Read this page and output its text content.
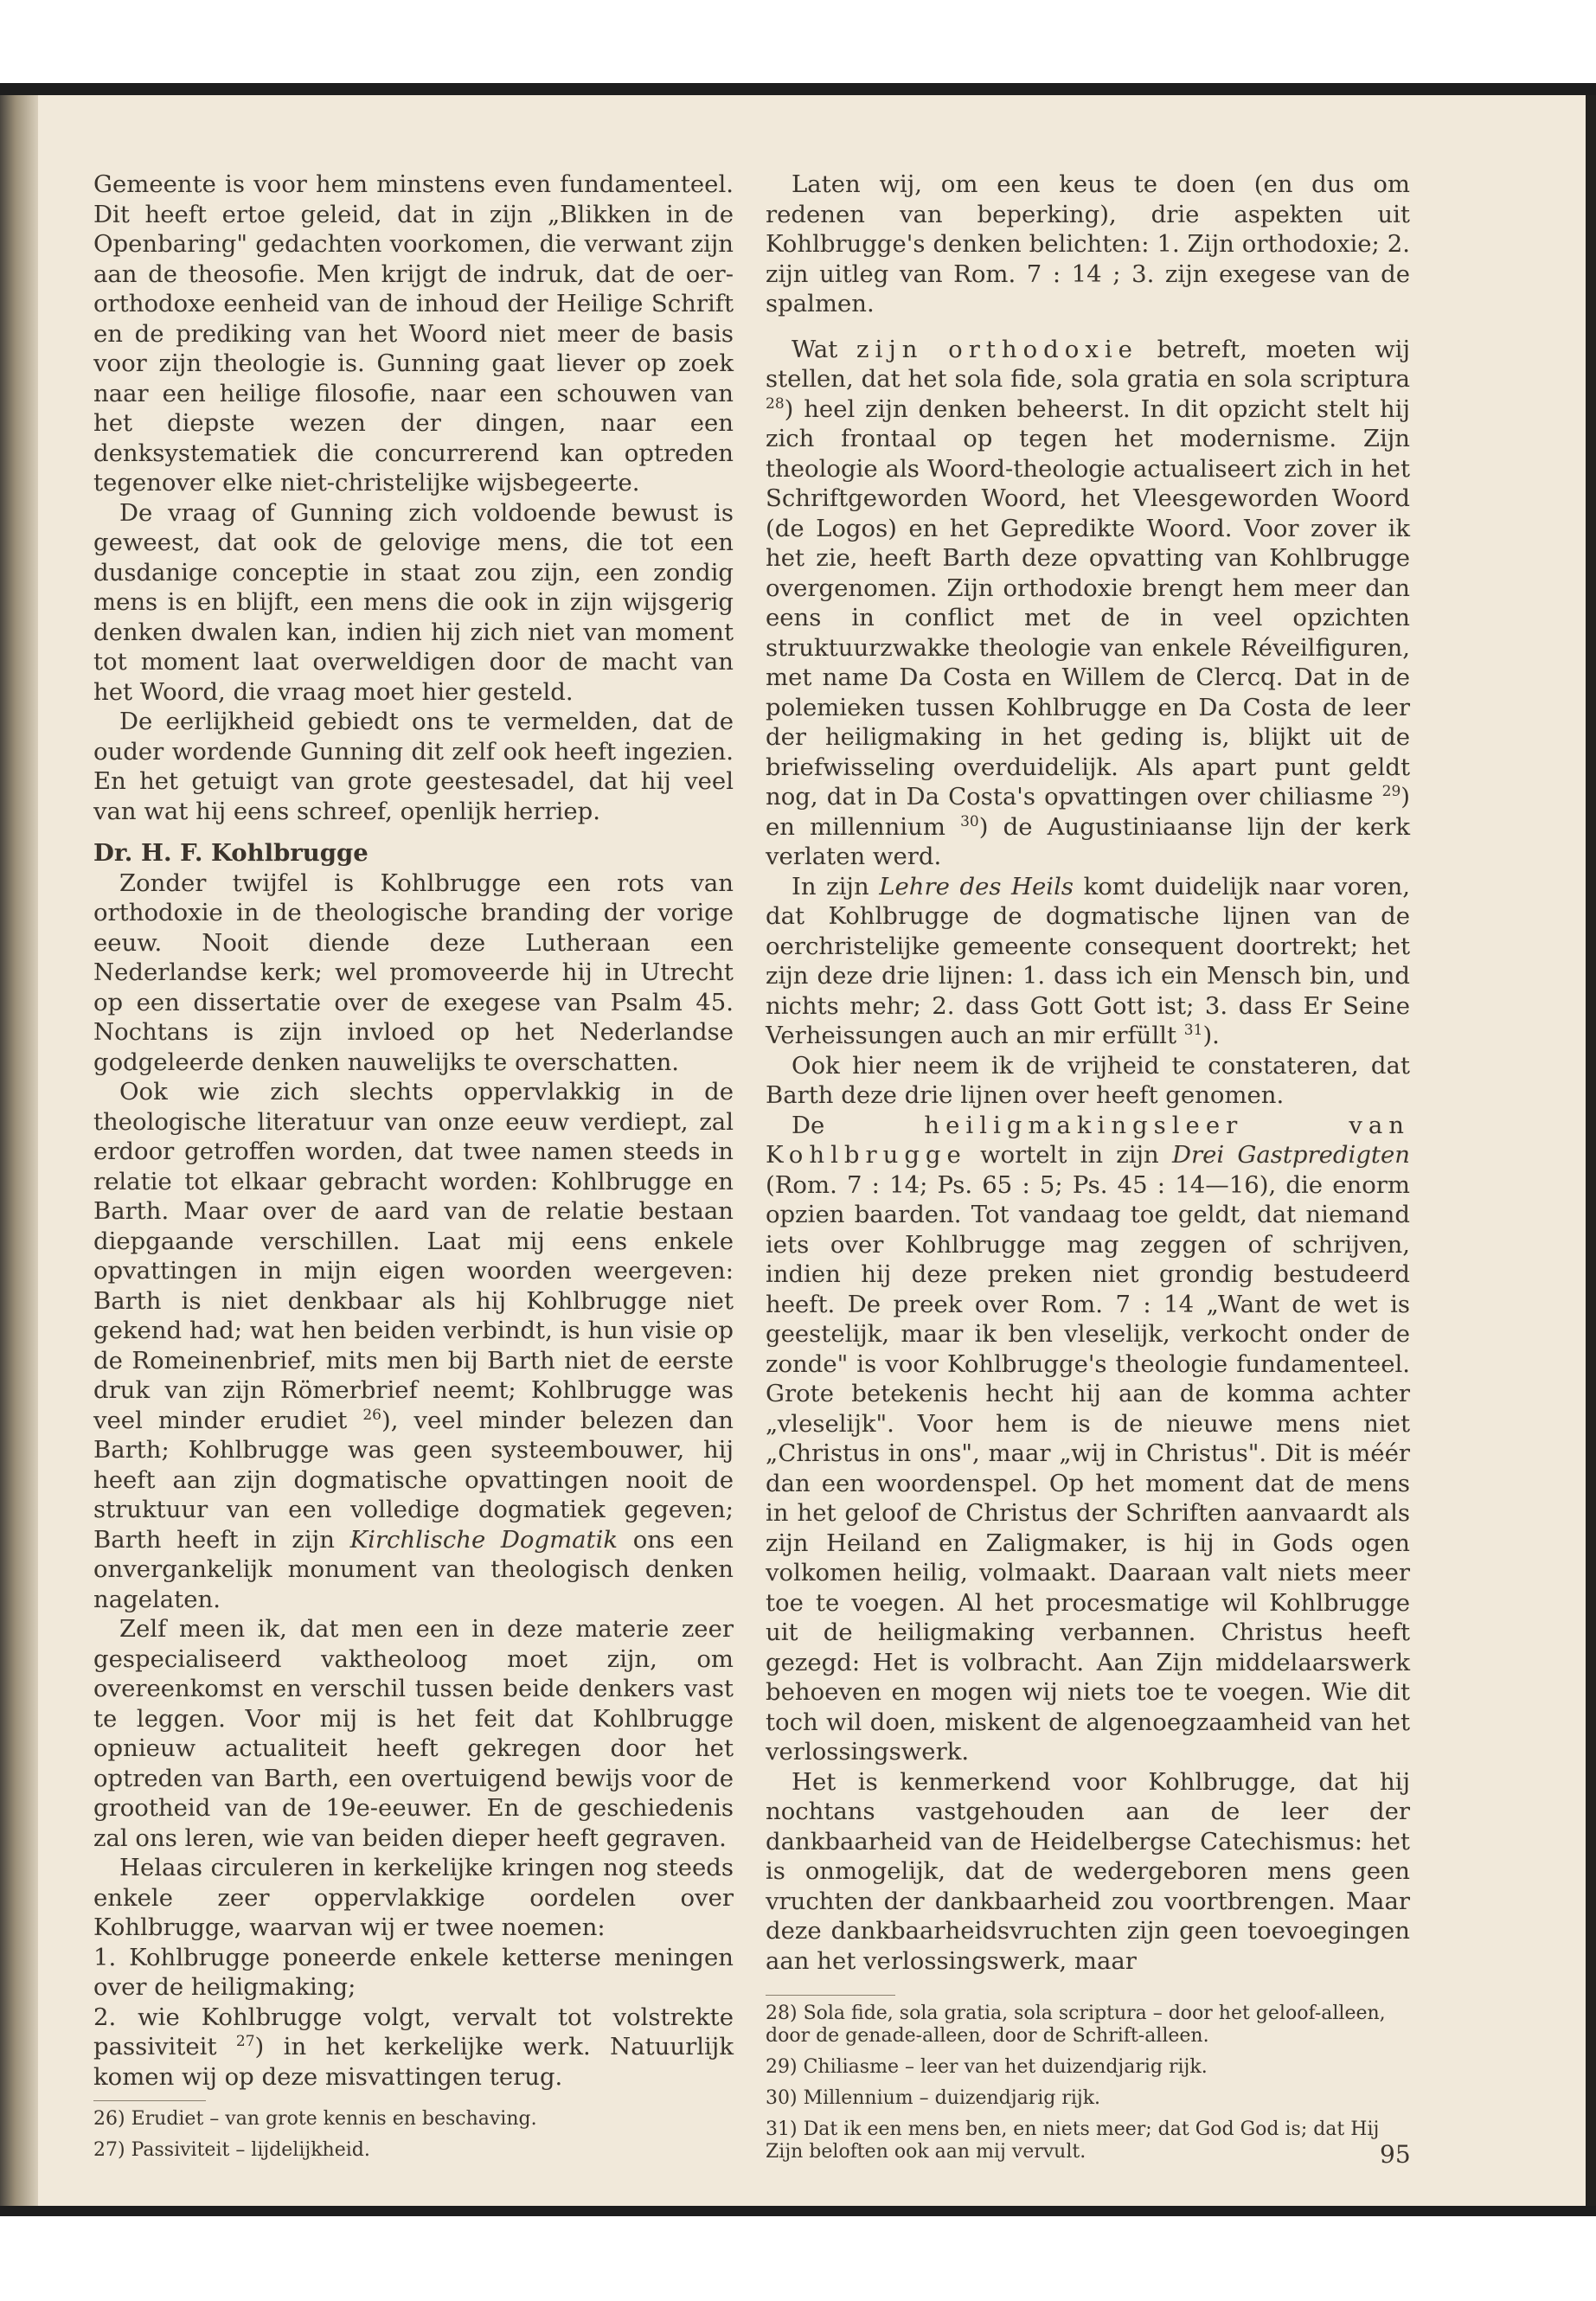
Gemeente is voor hem minstens even fundamenteel. Dit heeft ertoe geleid, dat in zijn „Blikken in de Openbaring" gedachten voorkomen, die verwant zijn aan de theosofie. Men krijgt de indruk, dat de oer-orthodoxe eenheid van de inhoud der Heilige Schrift en de prediking van het Woord niet meer de basis voor zijn theologie is. Gunning gaat liever op zoek naar een heilige filosofie, naar een schouwen van het diepste wezen der dingen, naar een denksystematiek die concurrerend kan optreden tegenover elke niet-christelijke wijsbegeerte.

De vraag of Gunning zich voldoende bewust is geweest, dat ook de gelovige mens, die tot een dusdanige conceptie in staat zou zijn, een zondig mens is en blijft, een mens die ook in zijn wijsgerig denken dwalen kan, indien hij zich niet van moment tot moment laat overweldigen door de macht van het Woord, die vraag moet hier gesteld.

De eerlijkheid gebiedt ons te vermelden, dat de ouder wordende Gunning dit zelf ook heeft ingezien. En het getuigt van grote geestesadel, dat hij veel van wat hij eens schreef, openlijk herriep.

Dr. H. F. Kohlbrugge

Zonder twijfel is Kohlbrugge een rots van orthodoxie in de theologische branding der vorige eeuw. Nooit diende deze Lutheraan een Nederlandse kerk; wel promoveerde hij in Utrecht op een dissertatie over de exegese van Psalm 45. Nochtans is zijn invloed op het Nederlandse godgeleerde denken nauwelijks te overschatten.

Ook wie zich slechts oppervlakkig in de theologische literatuur van onze eeuw verdiept, zal erdoor getroffen worden, dat twee namen steeds in relatie tot elkaar gebracht worden: Kohlbrugge en Barth. Maar over de aard van de relatie bestaan diepgaande verschillen. Laat mij eens enkele opvattingen in mijn eigen woorden weergeven: Barth is niet denkbaar als hij Kohlbrugge niet gekend had; wat hen beiden verbindt, is hun visie op de Romeinenbrief, mits men bij Barth niet de eerste druk van zijn Römerbrief neemt; Kohlbrugge was veel minder erudiet $^{26}$), veel minder belezen dan Barth; Kohlbrugge was geen systeembouwer, hij heeft aan zijn dogmatische opvattingen nooit de struktuur van een volledige dogmatiek gegeven; Barth heeft in zijn Kirchlische Dogmatik ons een onvergankelijk monument van theologisch denken nagelaten.

Zelf meen ik, dat men een in deze materie zeer gespecialiseerd vaktheoloog moet zijn, om overeenkomst en verschil tussen beide denkers vast te leggen. Voor mij is het feit dat Kohlbrugge opnieuw actualiteit heeft gekregen door het optreden van Barth, een overtuigend bewijs voor de grootheid van de 19e-eeuwer. En de geschiedenis zal ons leren, wie van beiden dieper heeft gegraven.

Helaas circuleren in kerkelijke kringen nog steeds enkele zeer oppervlakkige oordelen over Kohlbrugge, waarvan wij er twee noemen:

1. Kohlbrugge poneerde enkele ketterse meningen over de heiligmaking;
2. wie Kohlbrugge volgt, vervalt tot volstrekte passiviteit $^{27}$) in het kerkelijke werk. Natuurlijk komen wij op deze misvattingen terug.

26) Erudiet – van grote kennis en beschaving.

27) Passiviteit – lijdelijkheid.

Laten wij, om een keus te doen (en dus om redenen van beperking), drie aspekten uit Kohlbrugge's denken belichten: 1. Zijn orthodoxie; 2. zijn uitleg van Rom. 7 : 14 ; 3. zijn exegese van de spalmen.

Wat zijn orthodoxie betreft, moeten wij stellen, dat het sola fide, sola gratia en sola scriptura $^{28}$) heel zijn denken beheerst. In dit opzicht stelt hij zich frontaal op tegen het modernisme. Zijn theologie als Woord-theologie actualiseert zich in het Schriftgeworden Woord, het Vleesgeworden Woord (de Logos) en het Gepredikte Woord. Voor zover ik het zie, heeft Barth deze opvatting van Kohlbrugge overgenomen. Zijn orthodoxie brengt hem meer dan eens in conflict met de in veel opzichten struktuurzwakke theologie van enkele Réveilfiguren, met name Da Costa en Willem de Clercq. Dat in de polemieken tussen Kohlbrugge en Da Costa de leer der heiligmaking in het geding is, blijkt uit de briefwisseling overduidelijk. Als apart punt geldt nog, dat in Da Costa's opvattingen over chiliasme $^{29}$) en millennium $^{30}$) de Augustiniaanse lijn der kerk verlaten werd.

In zijn Lehre des Heils komt duidelijk naar voren, dat Kohlbrugge de dogmatische lijnen van de oerchristelijke gemeente consequent doortrekt; het zijn deze drie lijnen: 1. dass ich ein Mensch bin, und nichts mehr; 2. dass Gott Gott ist; 3. dass Er Seine Verheissungen auch an mir erfüllt $^{31}$).

Ook hier neem ik de vrijheid te constateren, dat Barth deze drie lijnen over heeft genomen.

De	heiligmakingsleer van Kohlbrugge wortelt in zijn Drei Gastpredigten (Rom. 7 : 14; Ps. 65 : 5; Ps. 45 : 14—16), die enorm opzien baarden. Tot vandaag toe geldt, dat niemand iets over Kohlbrugge mag zeggen of schrijven, indien hij deze preken niet grondig bestudeerd heeft. De preek over Rom. 7 : 14 „Want de wet is geestelijk, maar ik ben vleselijk, verkocht onder de zonde" is voor Kohlbrugge's theologie fundamenteel. Grote betekenis hecht hij aan de komma achter „vleselijk". Voor hem is de nieuwe mens niet „Christus in ons", maar „wij in Christus". Dit is méér dan een woordenspel. Op het moment dat de mens in het geloof de Christus der Schriften aanvaardt als zijn Heiland en Zaligmaker, is hij in Gods ogen volkomen heilig, volmaakt. Daaraan valt niets meer toe te voegen. Al het procesmatige wil Kohlbrugge uit de heiligmaking verbannen. Christus heeft gezegd: Het is volbracht. Aan Zijn middelaarswerk behoeven en mogen wij niets toe te voegen. Wie dit toch wil doen, miskent de algenoegzaamheid van het verlossingswerk.

Het is kenmerkend voor Kohlbrugge, dat hij nochtans vastgehouden aan de leer der dankbaarheid van de Heidelbergse Catechismus: het is onmogelijk, dat de wedergeboren mens geen vruchten der dankbaarheid zou voortbrengen. Maar deze dankbaarheidsvruchten zijn geen toevoegingen aan het verlossingswerk, maar

28) Sola fide, sola gratia, sola scriptura – door het geloof-alleen, door de genade-alleen, door de Schrift-alleen.

29) Chiliasme – leer van het duizendjarig rijk.

30) Millennium – duizendjarig rijk.

31) Dat ik een mens ben, en niets meer; dat God God is; dat Hij Zijn beloften ook aan mij vervult.	95
